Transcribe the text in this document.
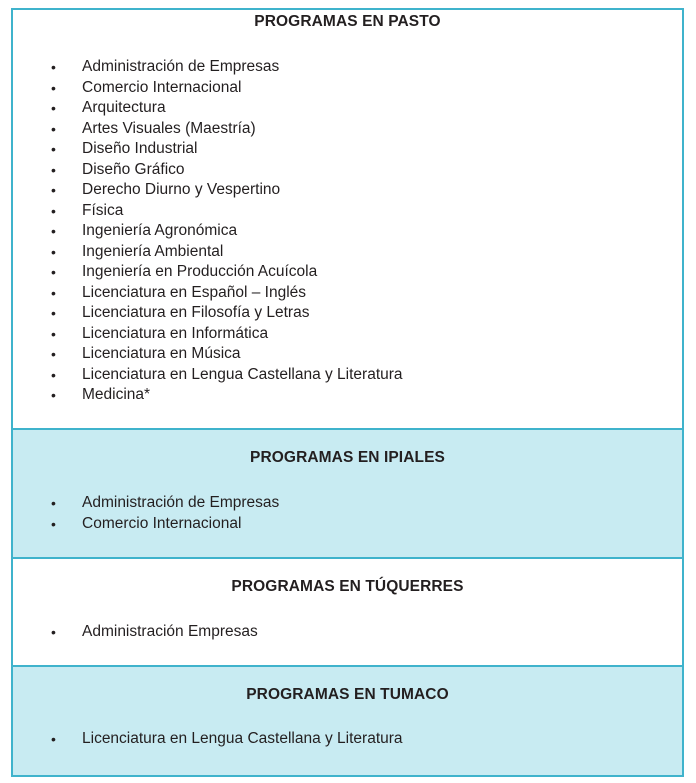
PROGRAMAS EN PASTO
• Administración de Empresas
• Comercio Internacional
• Arquitectura
• Artes Visuales (Maestría)
• Diseño Industrial
• Diseño Gráfico
• Derecho Diurno y Vespertino
• Física
• Ingeniería Agronómica
• Ingeniería Ambiental
• Ingeniería en Producción Acuícola
• Licenciatura en Español – Inglés
• Licenciatura en Filosofía y Letras
• Licenciatura en Informática
• Licenciatura en Música
• Licenciatura en Lengua Castellana y Literatura
• Medicina*
PROGRAMAS EN IPIALES
• Administración de Empresas
• Comercio Internacional
PROGRAMAS EN TÚQUERRES
• Administración Empresas
PROGRAMAS EN TUMACO
• Licenciatura en Lengua Castellana y Literatura
